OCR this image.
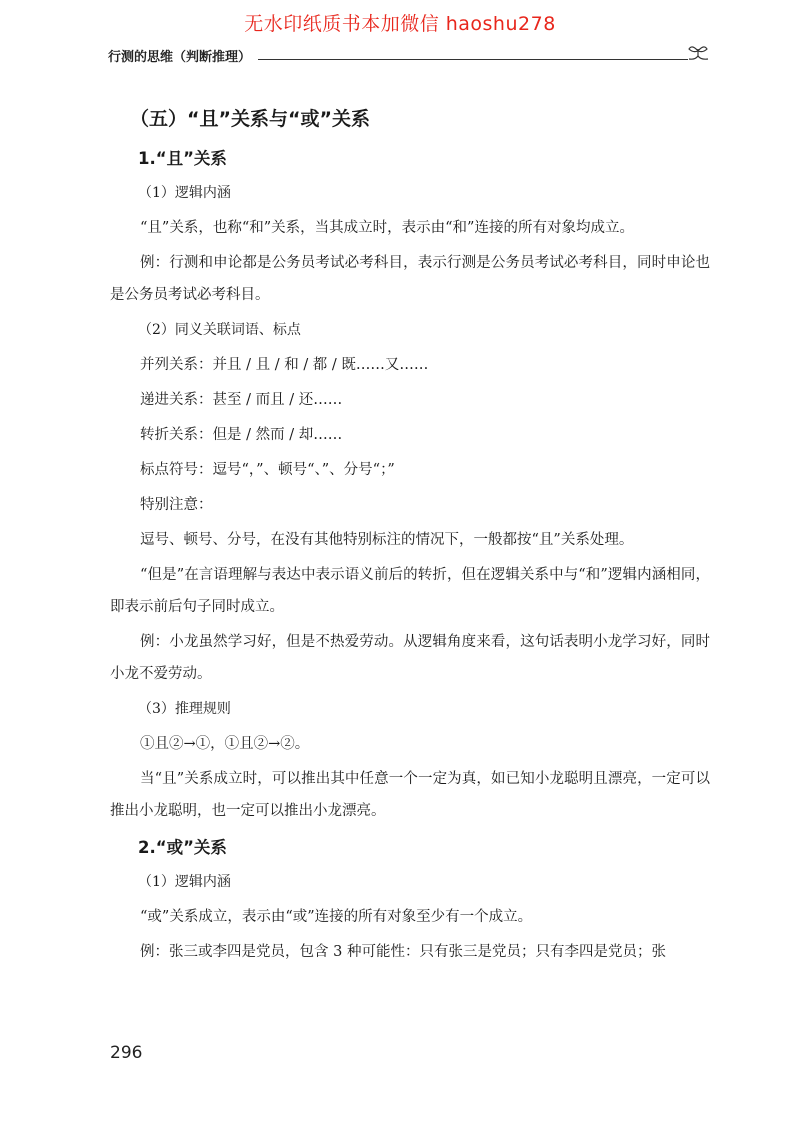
无水印纸质书本加微信 haoshu278
行测的思维（判断推理）
（五）“且”关系与“或”关系
1.“且”关系

（1）逻辑内涵

“且”关系，也称“和”关系，当其成立时，表示由“和”连接的所有对象均成立。

例：行测和申论都是公务员考试必考科目，表示行测是公务员考试必考科目，同时申论也是公务员考试必考科目。

（2）同义关联词语、标点

并列关系：并且 / 且 / 和 / 都 / 既……又……

递进关系：甚至 / 而且 / 还……

转折关系：但是 / 然而 / 却……

标点符号：逗号“，”、顿号“、”、分号“；”

特别注意：

逗号、顿号、分号，在没有其他特别标注的情况下，一般都按“且”关系处理。

“但是”在言语理解与表达中表示语义前后的转折，但在逻辑关系中与“和”逻辑内涵相同，即表示前后句子同时成立。

例：小龙虽然学习好，但是不热爱劳动。从逻辑角度来看，这句话表明小龙学习好，同时小龙不爱劳动。

（3）推理规则

①且②→①，①且②→②。

当“且”关系成立时，可以推出其中任意一个一定为真，如已知小龙聪明且漂亮，一定可以推出小龙聪明，也一定可以推出小龙漂亮。

2.“或”关系

（1）逻辑内涵

“或”关系成立，表示由“或”连接的所有对象至少有一个成立。

例：张三或李四是党员，包含 3 种可能性：只有张三是党员；只有李四是党员；张

296
